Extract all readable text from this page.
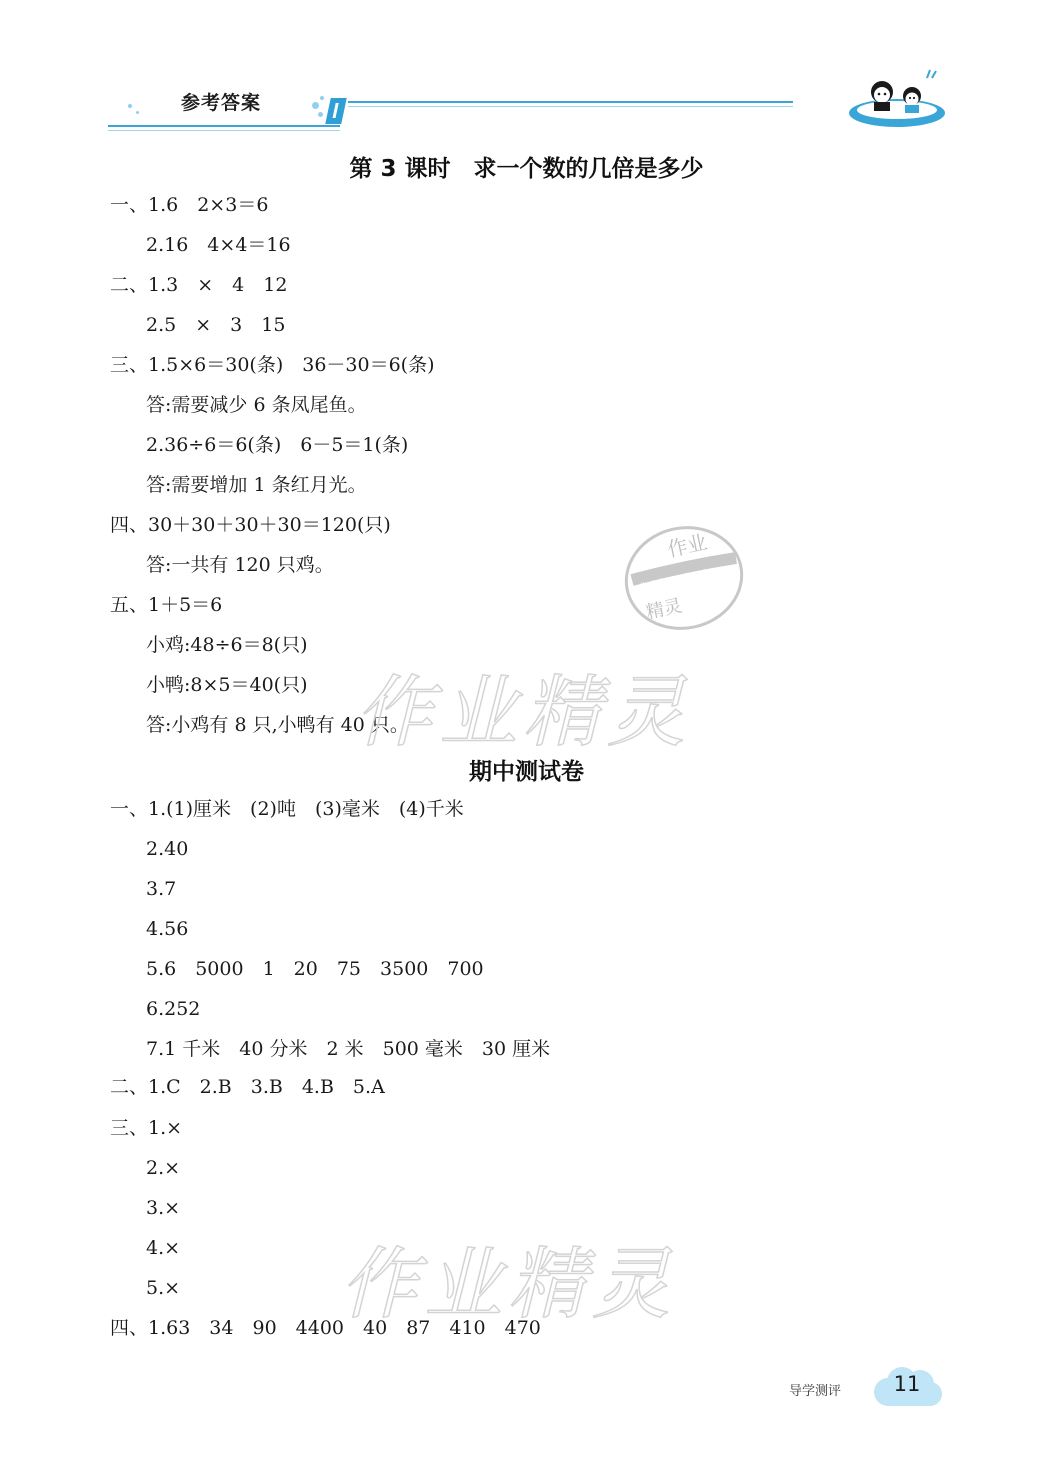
参考答案
第 3 课时　求一个数的几倍是多少
一、1.6　2×3＝6
2.16　4×4＝16
二、1.3　×　4　12
2.5　×　3　15
三、1.5×6＝30(条)　36－30＝6(条)
答:需要减少 6 条凤尾鱼。
2.36÷6＝6(条)　6－5＝1(条)
答:需要增加 1 条红月光。
四、30＋30＋30＋30＝120(只)
答:一共有 120 只鸡。
五、1＋5＝6
小鸡:48÷6＝8(只)
小鸭:8×5＝40(只)
答:小鸡有 8 只,小鸭有 40 只。
作业
作业帮查小助手
精灵
作业精灵
期中测试卷
一、1.(1)厘米　(2)吨　(3)毫米　(4)千米
2.40
3.7
4.56
5.6　5000　1　20　75　3500　700
6.252
7.1 千米　40 分米　2 米　500 毫米　30 厘米
二、1.C　2.B　3.B　4.B　5.A
三、1.×
2.×
3.×
4.×
5.×
四、1.63　34　90　4400　40　87　410　470
作业精灵
导学测评	11
